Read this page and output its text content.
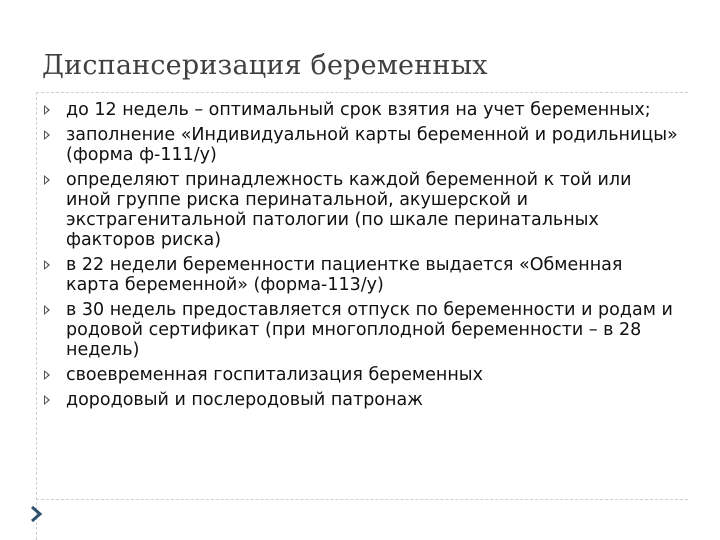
Диспансеризация беременных
до 12 недель – оптимальный срок взятия на учет беременных;
заполнение «Индивидуальной карты беременной и родильницы» (форма ф-111/у)
определяют принадлежность каждой беременной к той или иной группе риска перинатальной, акушерской и экстрагенитальной патологии (по шкале перинатальных факторов риска)
в 22 недели беременности пациентке выдается «Обменная карта беременной» (форма-113/у)
в 30 недель предоставляется отпуск по беременности и родам и родовой сертификат (при многоплодной беременности – в 28 недель)
своевременная госпитализация беременных
дородовый и послеродовый патронаж
